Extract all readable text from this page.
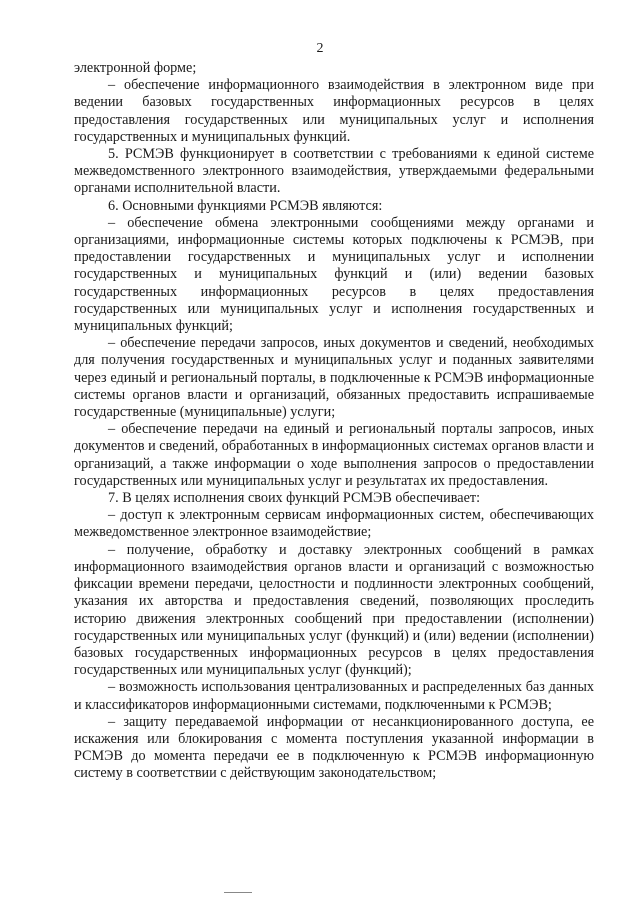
2

электронной форме;

– обеспечение информационного взаимодействия в электронном виде при ведении базовых государственных информационных ресурсов в целях предоставления государственных или муниципальных услуг и исполнения государственных и муниципальных функций.

5. РСМЭВ функционирует в соответствии с требованиями к единой системе межведомственного электронного взаимодействия, утверждаемыми федеральными органами исполнительной власти.

6. Основными функциями РСМЭВ являются:

– обеспечение обмена электронными сообщениями между органами и организациями, информационные системы которых подключены к РСМЭВ, при предоставлении государственных и муниципальных услуг и исполнении государственных и муниципальных функций и (или) ведении базовых государственных информационных ресурсов в целях предоставления государственных или муниципальных услуг и исполнения государственных и муниципальных функций;

– обеспечение передачи запросов, иных документов и сведений, необходимых для получения государственных и муниципальных услуг и поданных заявителями через единый и региональный порталы, в подключенные к РСМЭВ информационные системы органов власти и организаций, обязанных предоставить испрашиваемые государственные (муниципальные) услуги;

– обеспечение передачи на единый и региональный порталы запросов, иных документов и сведений, обработанных в информационных системах органов власти и организаций, а также информации о ходе выполнения запросов о предоставлении государственных или муниципальных услуг и результатах их предоставления.

7. В целях исполнения своих функций РСМЭВ обеспечивает:

– доступ к электронным сервисам информационных систем, обеспечивающих межведомственное электронное взаимодействие;

– получение, обработку и доставку электронных сообщений в рамках информационного взаимодействия органов власти и организаций с возможностью фиксации времени передачи, целостности и подлинности электронных сообщений, указания их авторства и предоставления сведений, позволяющих проследить историю движения электронных сообщений при предоставлении (исполнении) государственных или муниципальных услуг (функций) и (или) ведении (исполнении) базовых государственных информационных ресурсов в целях предоставления государственных или муниципальных услуг (функций);

– возможность использования централизованных и распределенных баз данных и классификаторов информационными системами, подключенными к РСМЭВ;

– защиту передаваемой информации от несанкционированного доступа, ее искажения или блокирования с момента поступления указанной информации в РСМЭВ до момента передачи ее в подключенную к РСМЭВ информационную систему в соответствии с действующим законодательством;
